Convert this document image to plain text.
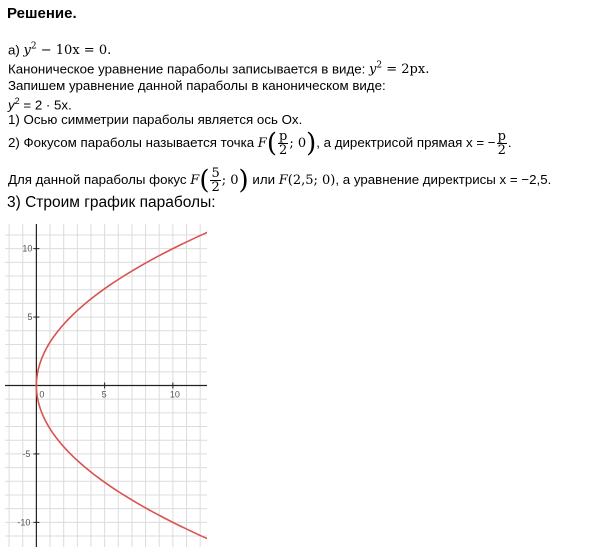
Решение.
а) $y^2 - 10x = 0$.
Каноническое уравнение параболы записывается в виде: $y^2 = 2px$.
Запишем уравнение данной параболы в каноническом виде:
$y^2 = 2 \cdot 5x$.
1) Осью симметрии параболы является ось Ox.
2) Фокусом параболы называется точка $F( \frac{p}{2}$ ; 0), а директрисой прямая x = − $\frac{p}{2}$ .
Для данной параболы фокус $F( \frac{5}{2}$ ; 0) или F(2,5; 0), а уравнение директрисы x = −2,5.
3) Строим график параболы:
5	10
10
5
-5
-10
0
